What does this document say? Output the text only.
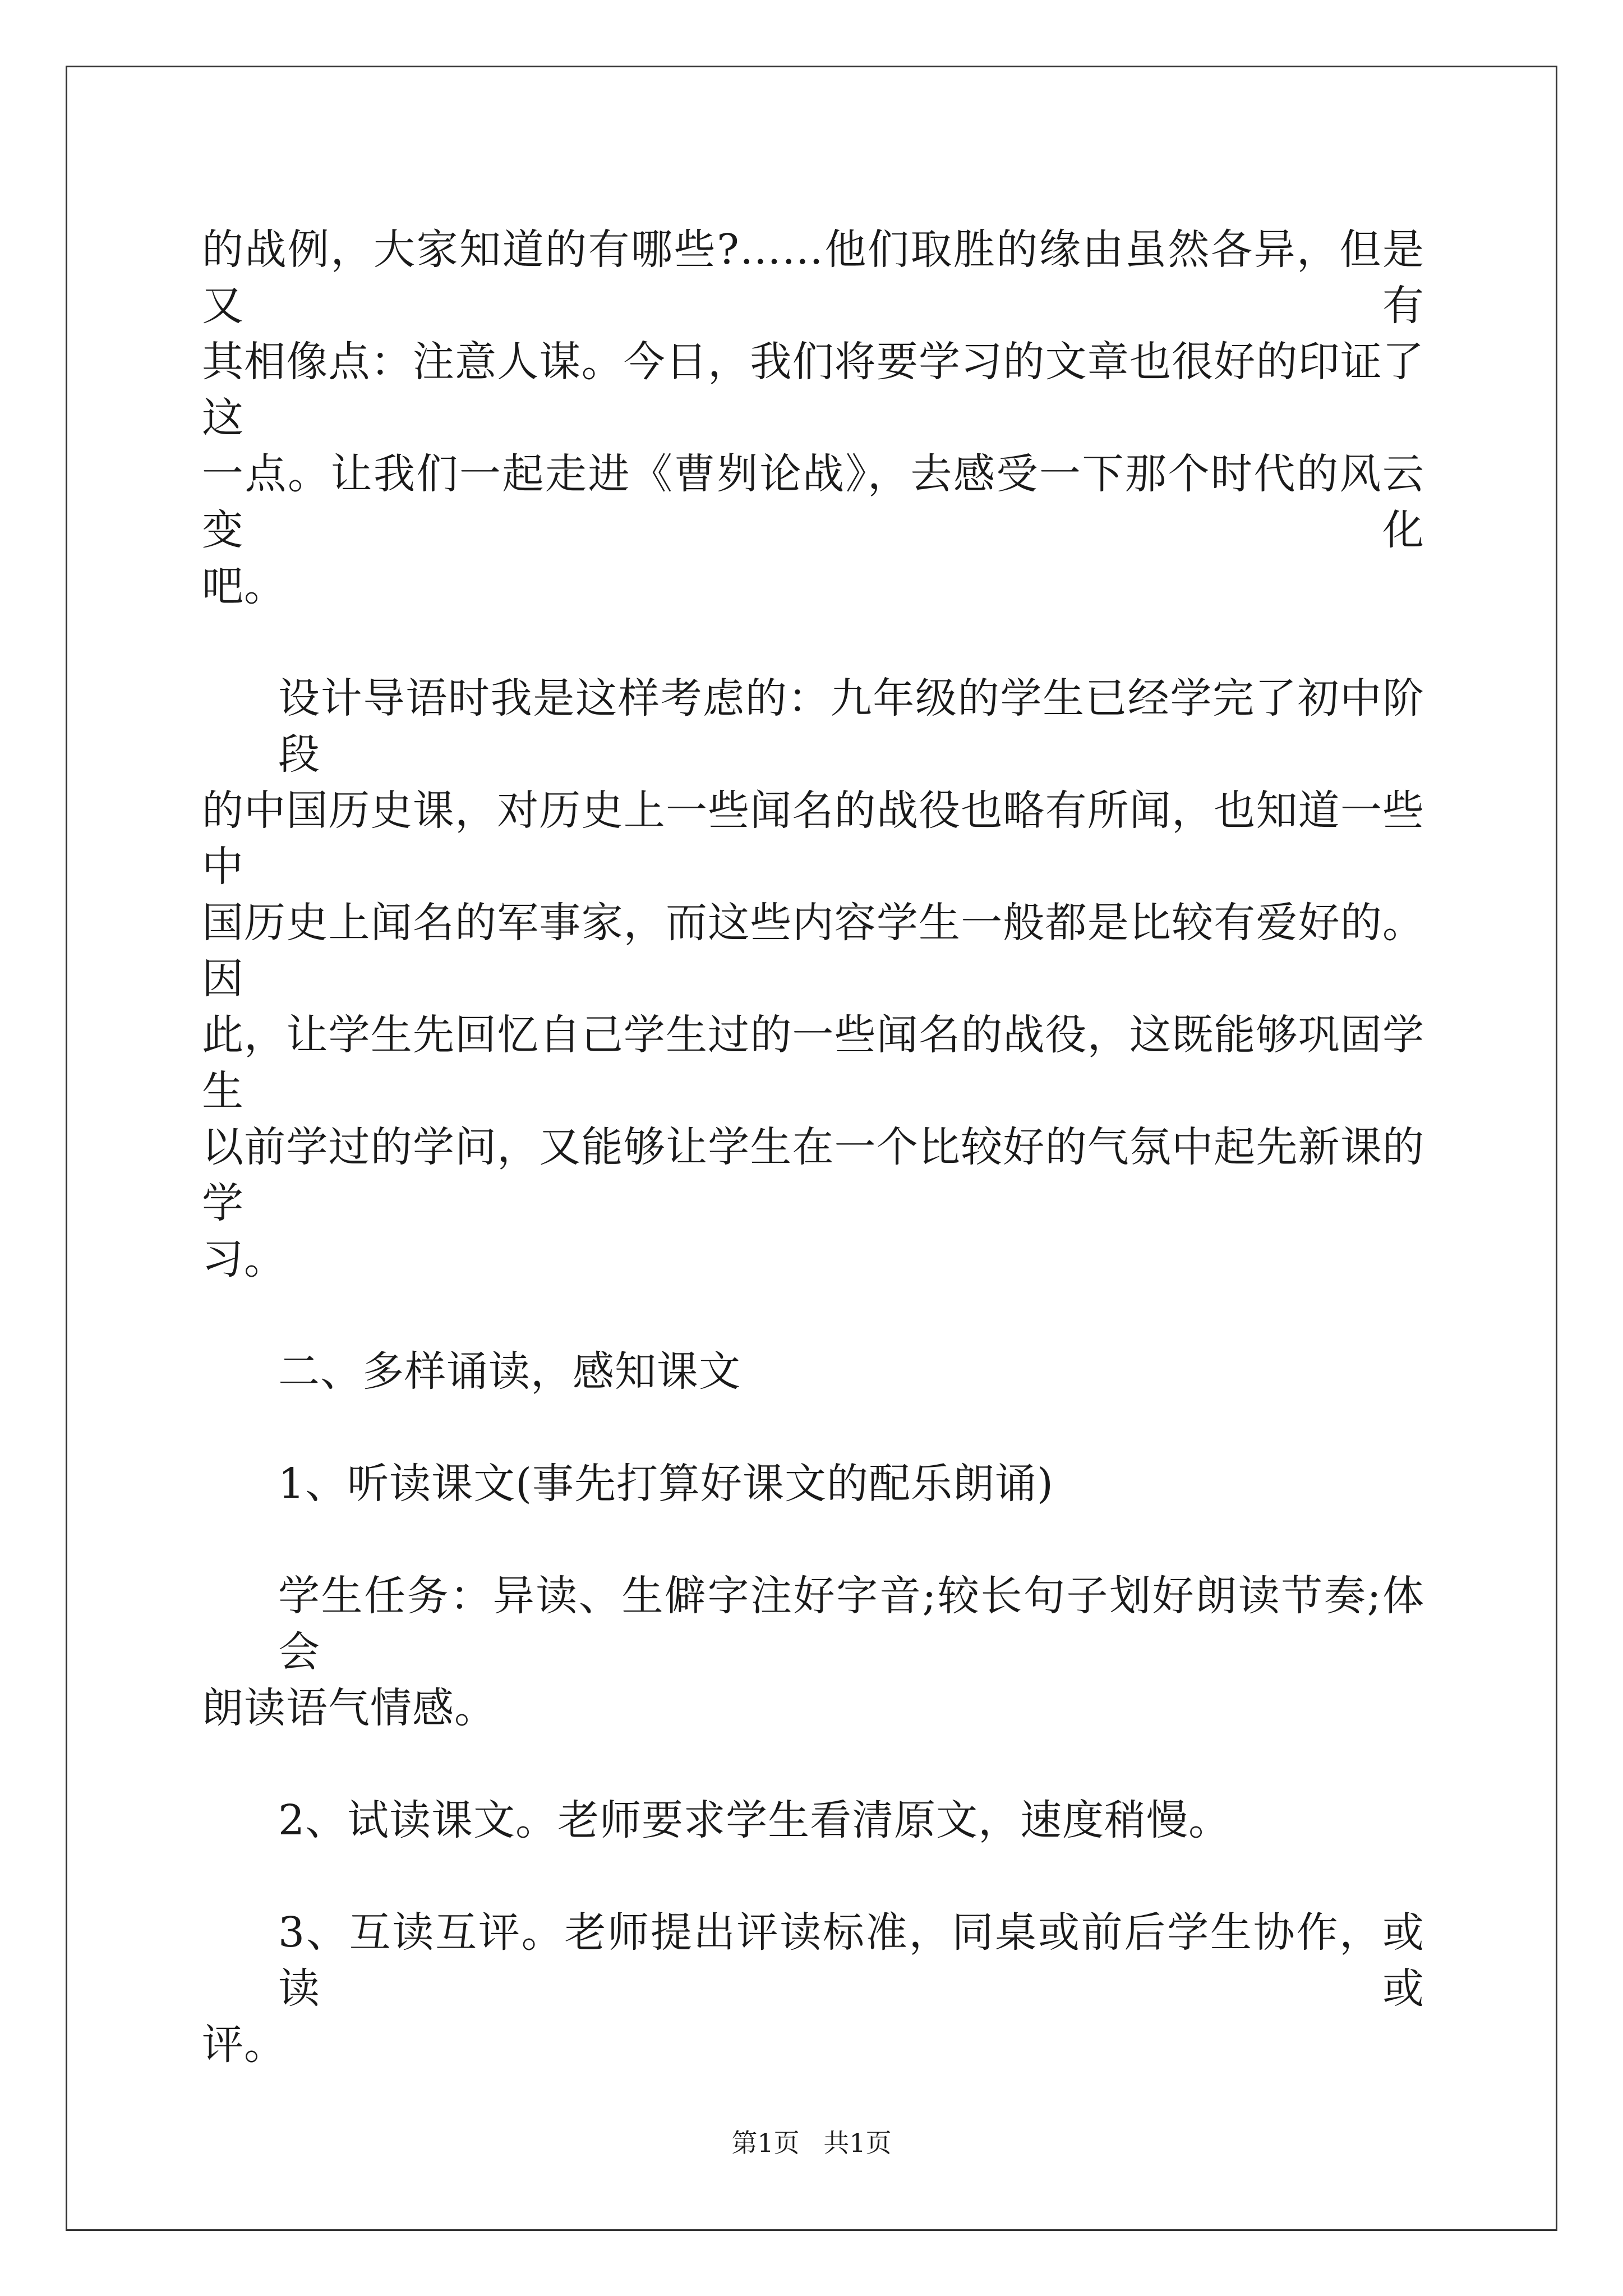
的战例，大家知道的有哪些?……他们取胜的缘由虽然各异，但是又有
其相像点：注意人谋。今日，我们将要学习的文章也很好的印证了这
一点。让我们一起走进《曹刿论战》，去感受一下那个时代的风云变化
吧。
设计导语时我是这样考虑的：九年级的学生已经学完了初中阶段
的中国历史课，对历史上一些闻名的战役也略有所闻，也知道一些中
国历史上闻名的军事家，而这些内容学生一般都是比较有爱好的。因
此，让学生先回忆自己学生过的一些闻名的战役，这既能够巩固学生
以前学过的学问，又能够让学生在一个比较好的气氛中起先新课的学
习。
二、多样诵读，感知课文
1、听读课文(事先打算好课文的配乐朗诵)
学生任务：异读、生僻字注好字音;较长句子划好朗读节奏;体会
朗读语气情感。
2、试读课文。老师要求学生看清原文，速度稍慢。
3、互读互评。老师提出评读标准，同桌或前后学生协作，或读或
评。
第1页 共1页
